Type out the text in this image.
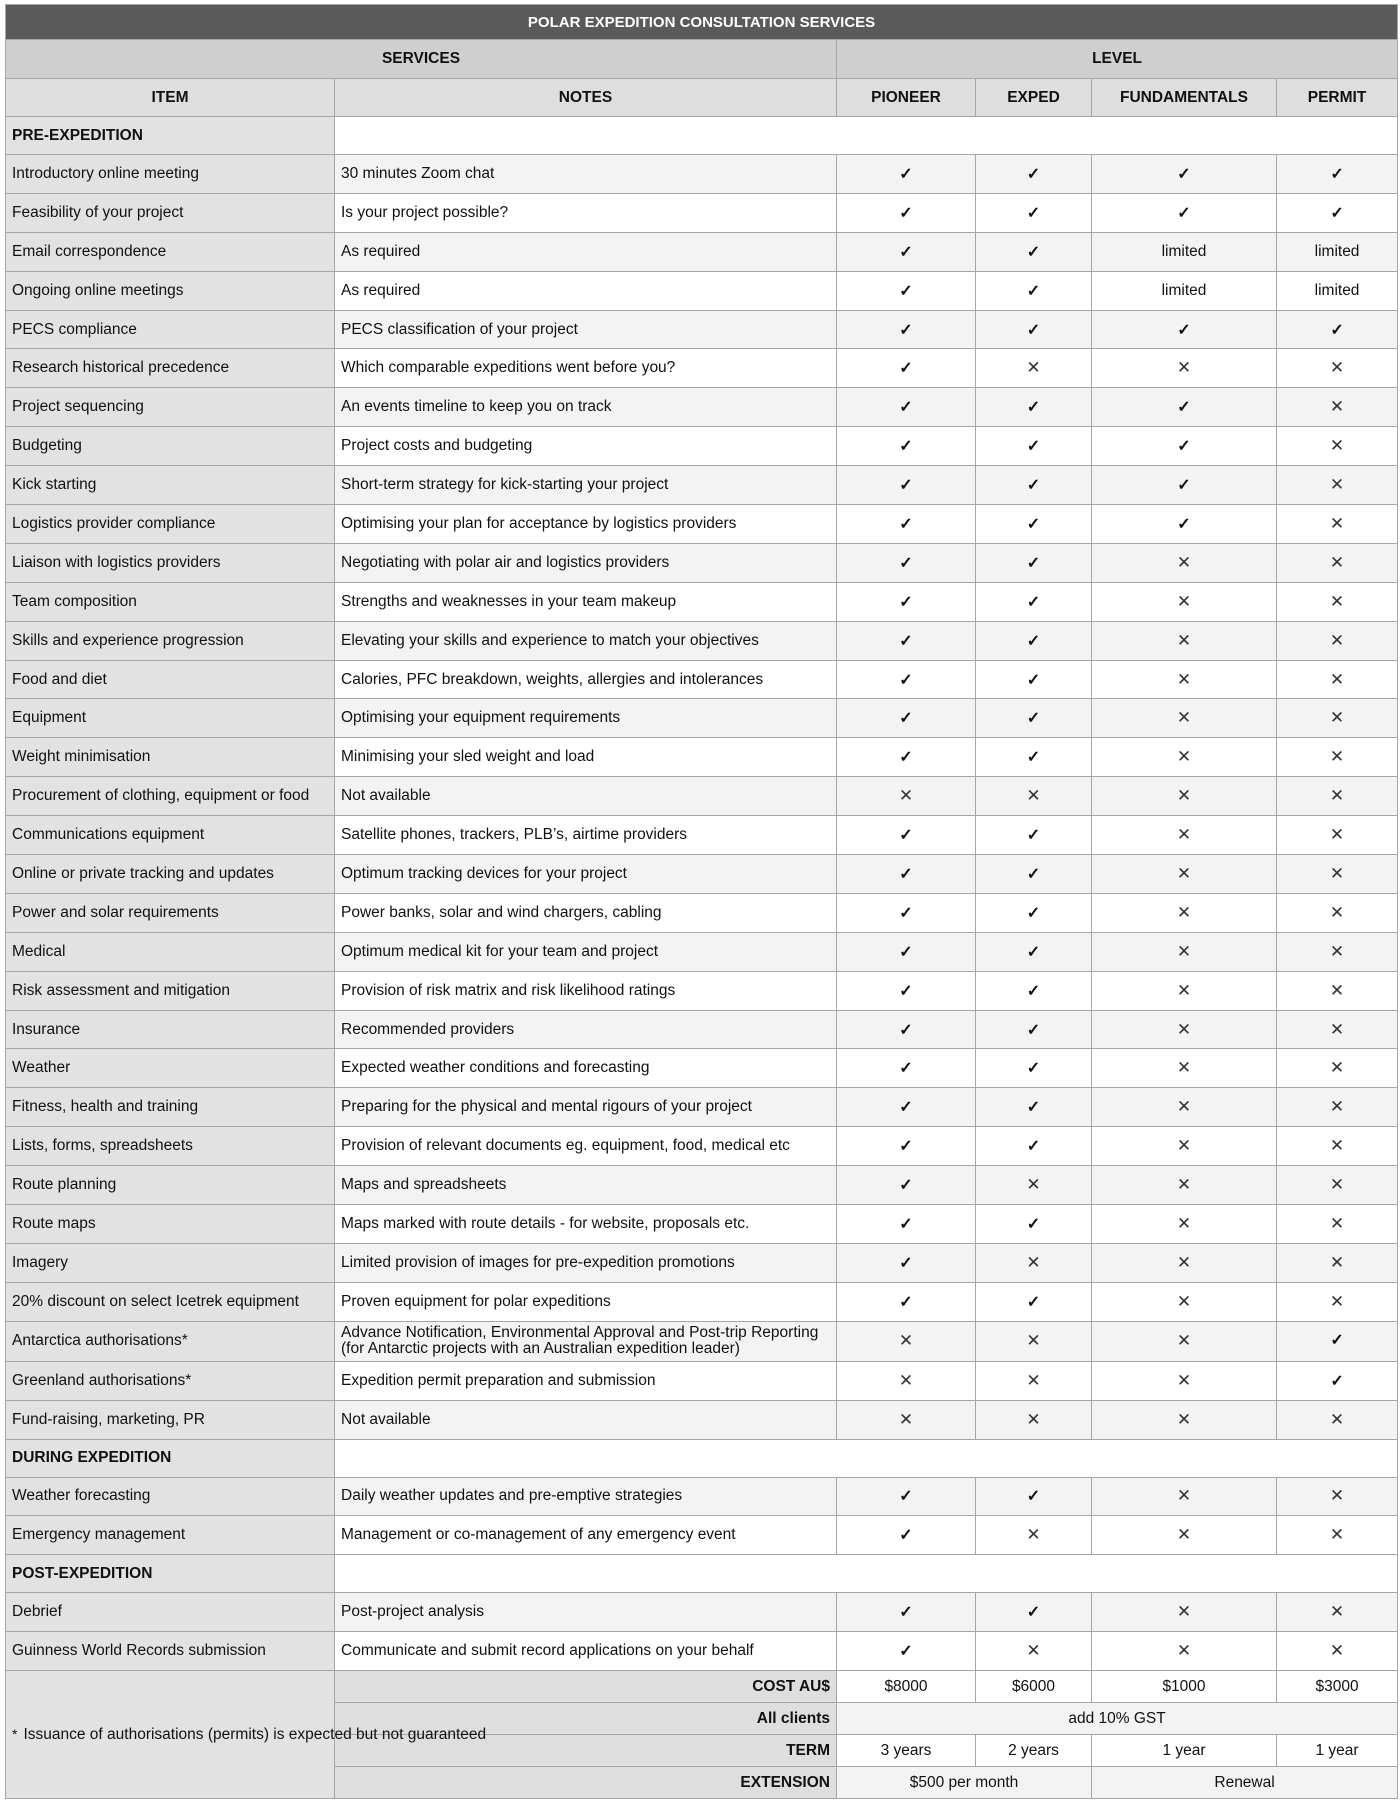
POLAR EXPEDITION CONSULTATION SERVICES					
SERVICES		LEVEL			
ITEM	NOTES	PIONEER	EXPED	FUNDAMENTALS	PERMIT
PRE-EXPEDITION					
Introductory online meeting	30 minutes Zoom chat	✓	✓	✓	✓
Feasibility of your project	Is your project possible?	✓	✓	✓	✓
Email correspondence	As required	✓	✓	limited	limited
Ongoing online meetings	As required	✓	✓	limited	limited
PECS compliance	PECS classification of your project	✓	✓	✓	✓
Research historical precedence	Which comparable expeditions went before you?	✓	✕	✕	✕
Project sequencing	An events timeline to keep you on track	✓	✓	✓	✕
Budgeting	Project costs and budgeting	✓	✓	✓	✕
Kick starting	Short-term strategy for kick-starting your project	✓	✓	✓	✕
Logistics provider compliance	Optimising your plan for acceptance by logistics providers	✓	✓	✓	✕
Liaison with logistics providers	Negotiating with polar air and logistics providers	✓	✓	✕	✕
Team composition	Strengths and weaknesses in your team makeup	✓	✓	✕	✕
Skills and experience progression	Elevating your skills and experience to match your objectives	✓	✓	✕	✕
Food and diet	Calories, PFC breakdown, weights, allergies and intolerances	✓	✓	✕	✕
Equipment	Optimising your equipment requirements	✓	✓	✕	✕
Weight minimisation	Minimising your sled weight and load	✓	✓	✕	✕
Procurement of clothing, equipment or food	Not available	✕	✕	✕	✕
Communications equipment	Satellite phones, trackers, PLB’s, airtime providers	✓	✓	✕	✕
Online or private tracking and updates	Optimum tracking devices for your project	✓	✓	✕	✕
Power and solar requirements	Power banks, solar and wind chargers, cabling	✓	✓	✕	✕
Medical	Optimum medical kit for your team and project	✓	✓	✕	✕
Risk assessment and mitigation	Provision of risk matrix and risk likelihood ratings	✓	✓	✕	✕
Insurance	Recommended providers	✓	✓	✕	✕
Weather	Expected weather conditions and forecasting	✓	✓	✕	✕
Fitness, health and training	Preparing for the physical and mental rigours of your project	✓	✓	✕	✕
Lists, forms, spreadsheets	Provision of relevant documents eg. equipment, food, medical etc	✓	✓	✕	✕
Route planning	Maps and spreadsheets	✓	✕	✕	✕
Route maps	Maps marked with route details - for website, proposals etc.	✓	✓	✕	✕
Imagery	Limited provision of images for pre-expedition promotions	✓	✕	✕	✕
20% discount on select Icetrek equipment	Proven equipment for polar expeditions	✓	✓	✕	✕
Antarctica authorisations*	Advance Notification, Environmental Approval and Post-trip Reporting
(for Antarctic projects with an Australian expedition leader)	✕	✕	✕	✓
Greenland authorisations*	Expedition permit preparation and submission	✕	✕	✕	✓
Fund-raising, marketing, PR	Not available	✕	✕	✕	✕
DURING EXPEDITION					
Weather forecasting	Daily weather updates and pre-emptive strategies	✓	✓	✕	✕
Emergency management	Management or co-management of any emergency event	✓	✕	✕	✕
POST-EXPEDITION					
Debrief	Post-project analysis	✓	✓	✕	✕
Guinness World Records submission	Communicate and submit record applications on your behalf	✓	✕	✕	✕
* Issuance of authorisations (permits) is expected but not guaranteed	COST AU$	$8000	$6000	$1000	$3000
	All clients	add 10% GST			
	TERM	3 years	2 years	1 year	1 year
	EXTENSION	$500 per month		Renewal	
